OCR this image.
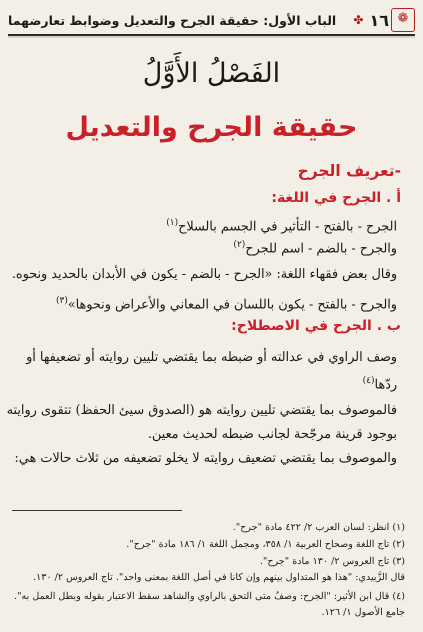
❁
١٦
✤
الباب الأول: حقيقة الجرح والتعديل وضوابط تعارضهما
الفَصْلُ الأَوَّلُ
حقيقة الجرح والتعديل
-تعريف الجرح
أ . الجرح في اللغة:
الجرح - بالفتح - التأثير في الجسم بالسلاح$^{(١)}$
والجرح - بالضم - اسم للجرح$^{(٢)}$
وقال بعض فقهاء اللغة: «الجرح - بالضم - يكون في الأبدان بالحديد ونحوه.
والجرح - بالفتح - يكون باللسان في المعاني والأعراض ونحوها»$^{(٣)}$
ب . الجرح في الاصطلاح:
وصف الراوي في عدالته أو ضبطه بما يقتضي تليين روايته أو تضعيفها أو
ردّها$^{(٤)}$
فالموصوف بما يقتضي تليين روايته هو (الصدوق سيئ الحفظ) تتقوى روايته
بوجود قرينة مرجّحة لجانب ضبطه لحديث معين.
والموصوف بما يقتضي تضعيف روايته لا يخلو تضعيفه من ثلاث حالات هي:
(١) انظر: لسان العرب ٢/ ٤٢٢ مادة "جرح".
(٢) تاج اللغة وصحاح العربية ١/ ٣٥٨، ومجمل اللغة ١/ ١٨٦ مادة "جرح".
(٣) تاج العروس ٢/ ١٣٠ مادة "جرح".
قال الزَّبيدي: "هذا هو المتداول بينهم وإن كانا في أصل اللغة بمعنى واحد". تاج العروس ٢/ ١٣٠.
(٤) قال ابن الأثير: "الجرح: وصفٌ متى التحق بالراوي والشاهد سقط الاعتبار بقوله وبطل العمل به".
جامع الأصول ١/ ١٢٦.
